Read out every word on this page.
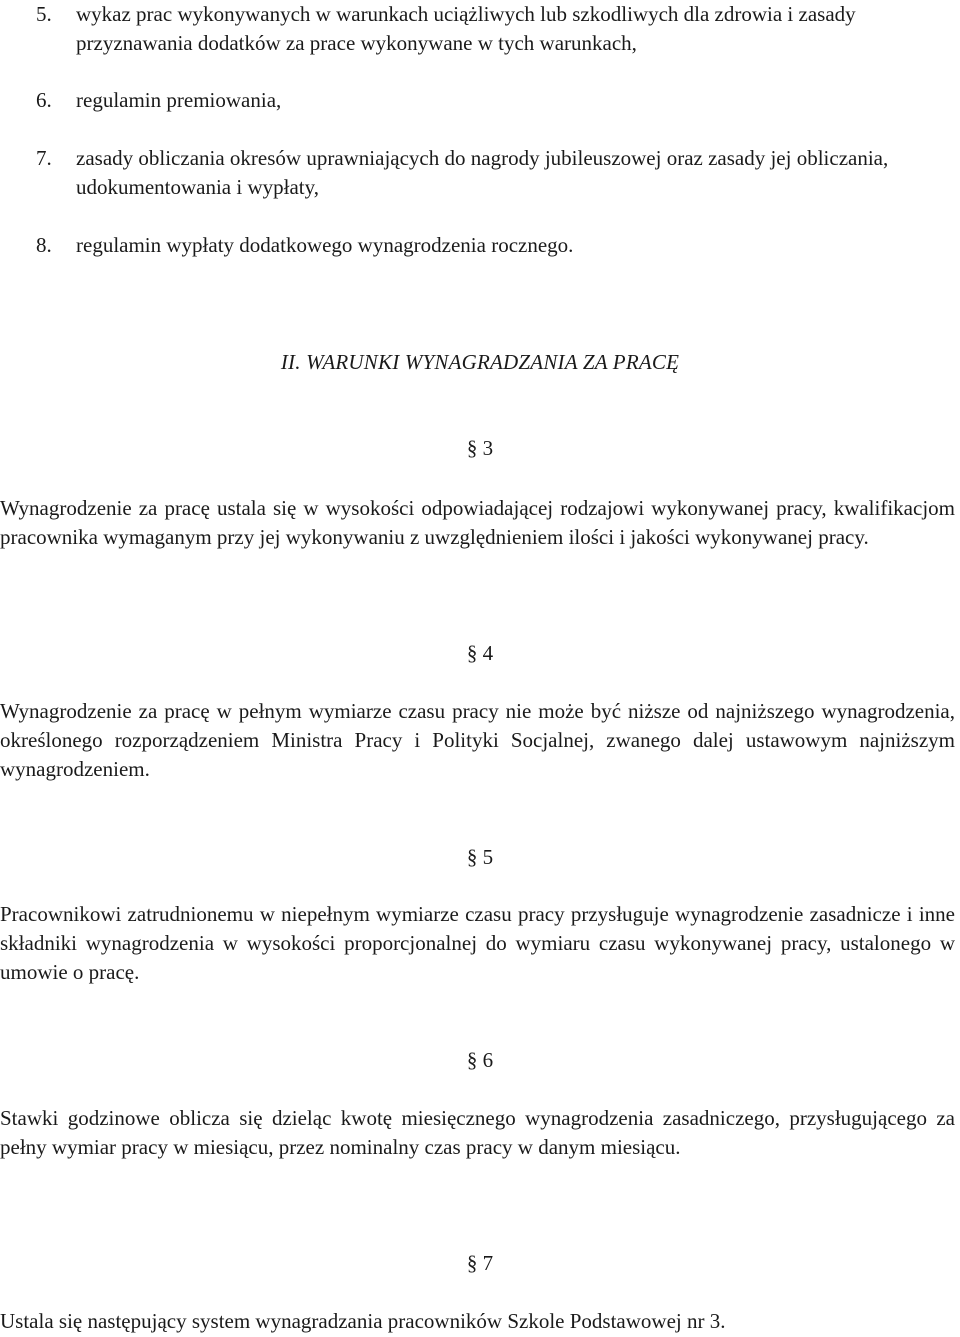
5.	wykaz prac wykonywanych w warunkach uciążliwych lub szkodliwych dla zdrowia i zasady przyznawania dodatków za prace wykonywane w tych warunkach,
6.	regulamin premiowania,
7.	zasady obliczania okresów uprawniających do nagrody jubileuszowej oraz zasady jej obliczania, udokumentowania i wypłaty,
8.	regulamin wypłaty dodatkowego wynagrodzenia rocznego.
II. WARUNKI WYNAGRADZANIA ZA PRACĘ

§ 3

Wynagrodzenie za pracę ustala się w wysokości odpowiadającej rodzajowi wykonywanej pracy, kwalifikacjom pracownika wymaganym przy jej wykonywaniu z uwzględnieniem ilości i jakości wykonywanej pracy.

§ 4

Wynagrodzenie za pracę w pełnym wymiarze czasu pracy nie może być niższe od najniższego wynagrodzenia, określonego rozporządzeniem Ministra Pracy i Polityki Socjalnej, zwanego dalej ustawowym najniższym wynagrodzeniem.

§ 5

Pracownikowi zatrudnionemu w niepełnym wymiarze czasu pracy przysługuje wynagrodzenie zasadnicze i inne składniki wynagrodzenia w wysokości proporcjonalnej do wymiaru czasu wykonywanej pracy, ustalonego w umowie o pracę.

§ 6

Stawki godzinowe oblicza się dzieląc kwotę miesięcznego wynagrodzenia zasadniczego, przysługującego za pełny wymiar pracy w miesiącu, przez nominalny czas pracy w danym miesiącu.

§ 7

Ustala się następujący system wynagradzania pracowników Szkole Podstawowej nr 3.
